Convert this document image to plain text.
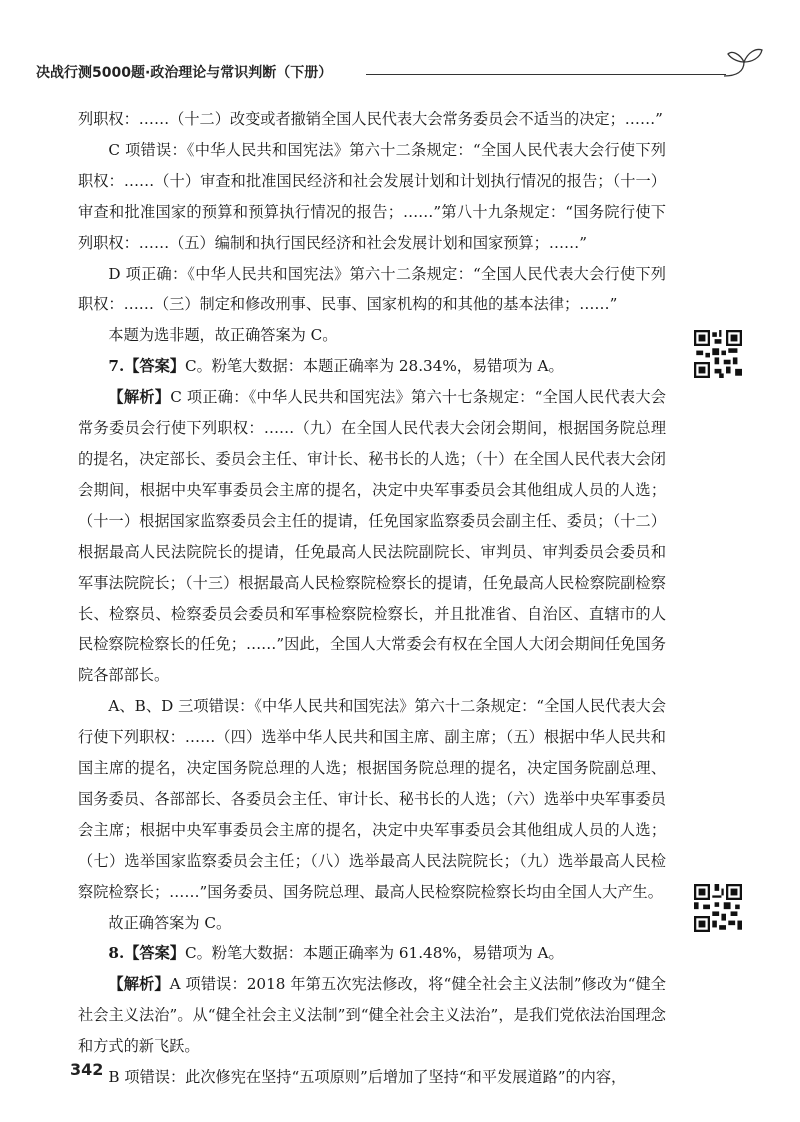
决战行测5000题·政治理论与常识判断（下册）

列职权：……（十二）改变或者撤销全国人民代表大会常务委员会不适当的决定；……”

C 项错误：《中华人民共和国宪法》第六十二条规定：“全国人民代表大会行使下列职权：……（十）审查和批准国民经济和社会发展计划和计划执行情况的报告；（十一）审查和批准国家的预算和预算执行情况的报告；……”第八十九条规定：“国务院行使下列职权：……（五）编制和执行国民经济和社会发展计划和国家预算；……”

D 项正确：《中华人民共和国宪法》第六十二条规定：“全国人民代表大会行使下列职权：……（三）制定和修改刑事、民事、国家机构的和其他的基本法律；……”

本题为选非题，故正确答案为 C。

7.【答案】C。粉笔大数据：本题正确率为 28.34%，易错项为 A。

【解析】C 项正确：《中华人民共和国宪法》第六十七条规定：“全国人民代表大会常务委员会行使下列职权：……（九）在全国人民代表大会闭会期间，根据国务院总理的提名，决定部长、委员会主任、审计长、秘书长的人选；（十）在全国人民代表大会闭会期间，根据中央军事委员会主席的提名，决定中央军事委员会其他组成人员的人选；（十一）根据国家监察委员会主任的提请，任免国家监察委员会副主任、委员；（十二）根据最高人民法院院长的提请，任免最高人民法院副院长、审判员、审判委员会委员和军事法院院长；（十三）根据最高人民检察院检察长的提请，任免最高人民检察院副检察长、检察员、检察委员会委员和军事检察院检察长，并且批准省、自治区、直辖市的人民检察院检察长的任免；……”因此，全国人大常委会有权在全国人大闭会期间任免国务院各部部长。

A、B、D 三项错误：《中华人民共和国宪法》第六十二条规定：“全国人民代表大会行使下列职权：……（四）选举中华人民共和国主席、副主席；（五）根据中华人民共和国主席的提名，决定国务院总理的人选；根据国务院总理的提名，决定国务院副总理、国务委员、各部部长、各委员会主任、审计长、秘书长的人选；（六）选举中央军事委员会主席；根据中央军事委员会主席的提名，决定中央军事委员会其他组成人员的人选；（七）选举国家监察委员会主任；（八）选举最高人民法院院长；（九）选举最高人民检察院检察长；……”国务委员、国务院总理、最高人民检察院检察长均由全国人大产生。

故正确答案为 C。

8.【答案】C。粉笔大数据：本题正确率为 61.48%，易错项为 A。

【解析】A 项错误：2018 年第五次宪法修改，将“健全社会主义法制”修改为“健全社会主义法治”。从“健全社会主义法制”到“健全社会主义法治”，是我们党依法治国理念和方式的新飞跃。

B 项错误：此次修宪在坚持“五项原则”后增加了坚持“和平发展道路”的内容，

342
